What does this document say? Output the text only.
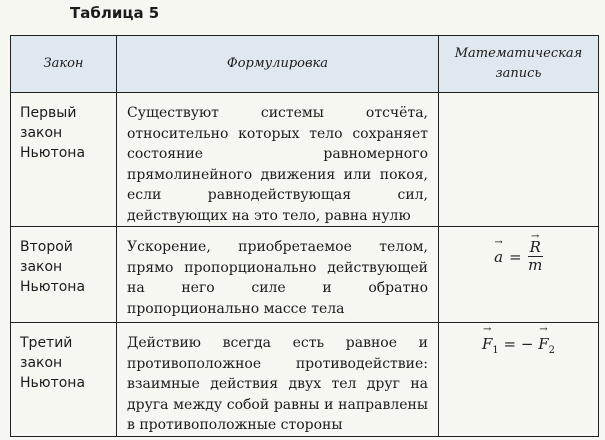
Таблица 5
Закон	Формулировка	Математическая
запись
Первый
закон
Ньютона	Существуют системы отсчёта, относительно которых тело сохраняет состояние равномерного прямолинейного движения или покоя, если равнодействующая сил, действующих на это тело, равна нулю	
Второй
закон
Ньютона	Ускорение, приобретаемое телом, прямо пропорционально действующей на него силе и обратно пропорционально массе тела	→ a = → $\frac{R}{m}$

Третий
закон
Ньютона	Действию всегда есть равное и противоположное противодействие: взаимные действия двух тел друг на друга между собой равны и направлены в противоположные стороны	→ $F_1$ = − → $F_2$
